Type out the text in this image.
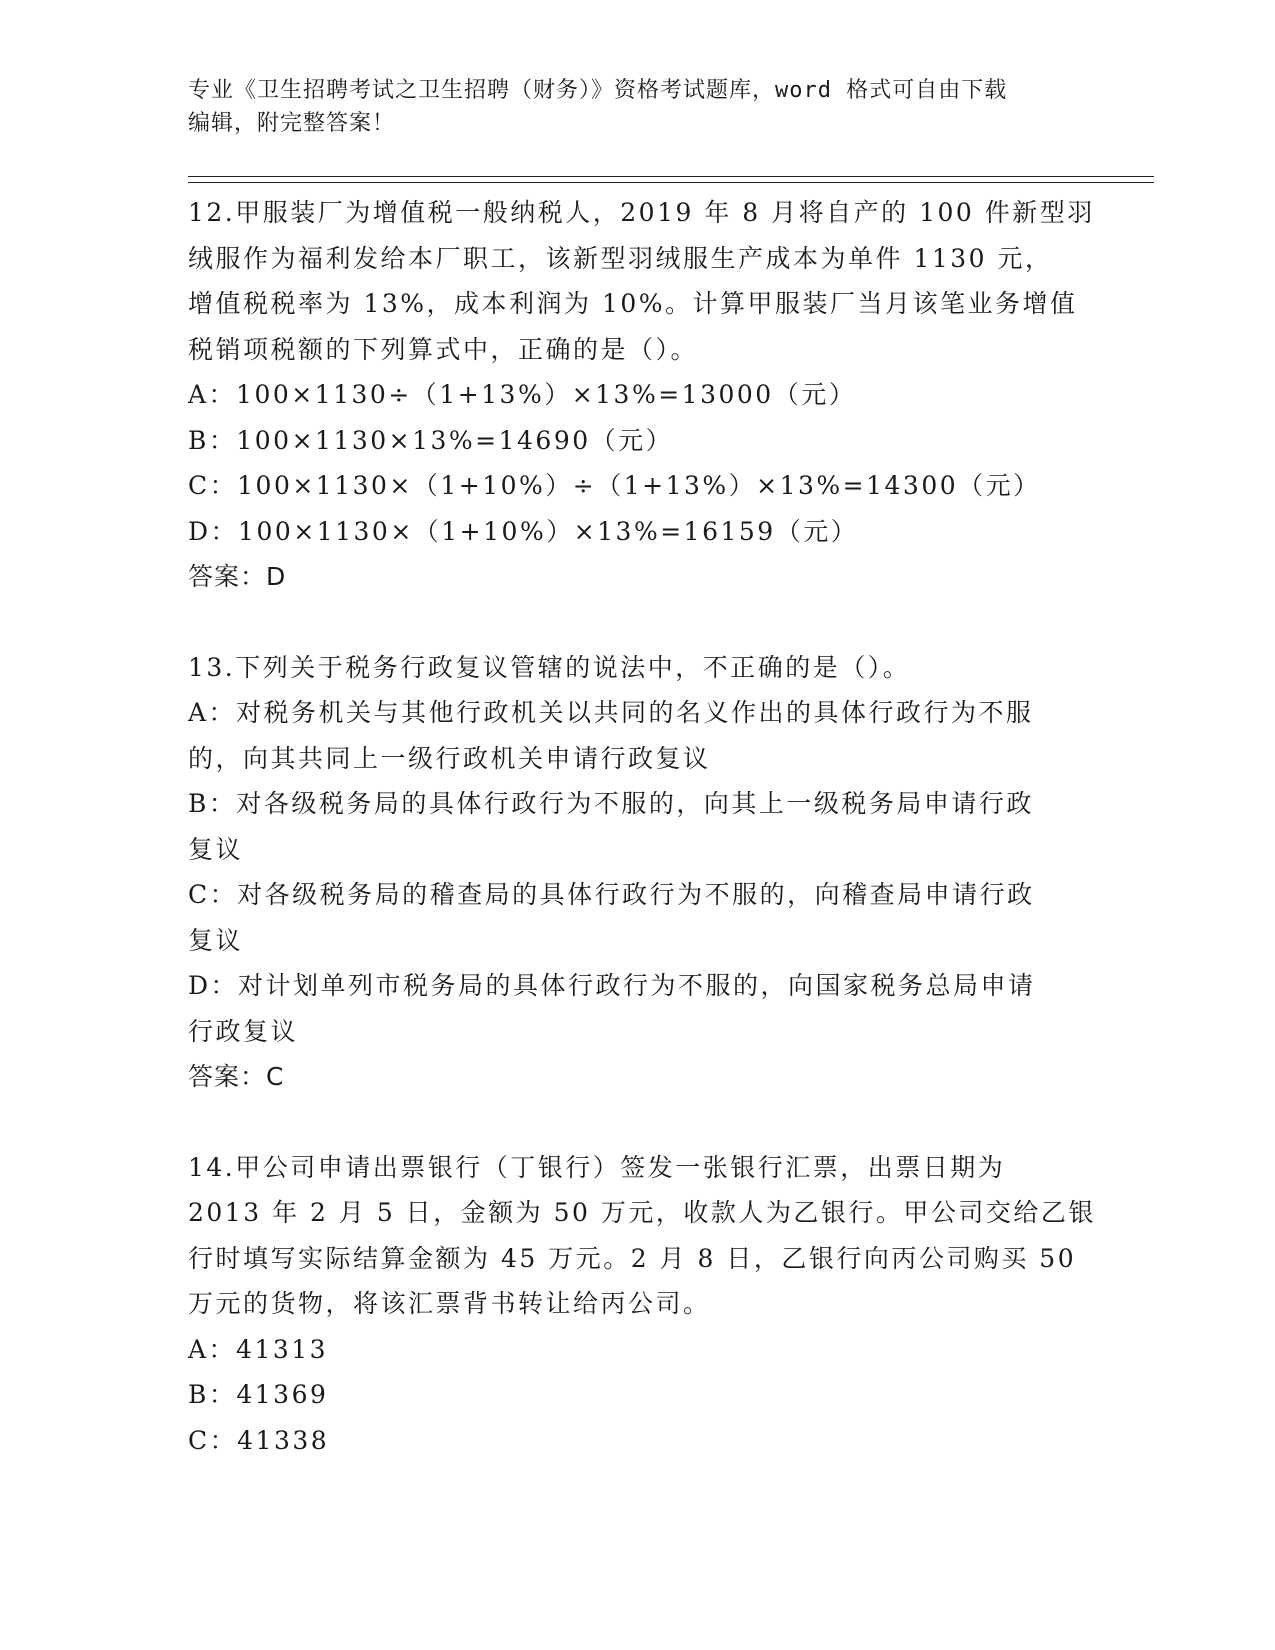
专业《卫生招聘考试之卫生招聘（财务）》资格考试题库，word 格式可自由下载
编辑，附完整答案！

12.甲服装厂为增值税一般纳税人，2019 年 8 月将自产的 100 件新型羽

绒服作为福利发给本厂职工，该新型羽绒服生产成本为单件 1130 元，

增值税税率为 13%，成本利润为 10%。计算甲服装厂当月该笔业务增值

税销项税额的下列算式中，正确的是（）。

A：100×1130÷（1+13%）×13%=13000（元）

B：100×1130×13%=14690（元）

C：100×1130×（1+10%）÷（1+13%）×13%=14300（元）

D：100×1130×（1+10%）×13%=16159（元）

答案：D

13.下列关于税务行政复议管辖的说法中，不正确的是（）。

A：对税务机关与其他行政机关以共同的名义作出的具体行政行为不服

的，向其共同上一级行政机关申请行政复议

B：对各级税务局的具体行政行为不服的，向其上一级税务局申请行政

复议

C：对各级税务局的稽查局的具体行政行为不服的，向稽查局申请行政

复议

D：对计划单列市税务局的具体行政行为不服的，向国家税务总局申请

行政复议

答案：C

14.甲公司申请出票银行（丁银行）签发一张银行汇票，出票日期为

2013 年 2 月 5 日，金额为 50 万元，收款人为乙银行。甲公司交给乙银

行时填写实际结算金额为 45 万元。2 月 8 日，乙银行向丙公司购买 50

万元的货物，将该汇票背书转让给丙公司。

A：41313

B：41369

C：41338
